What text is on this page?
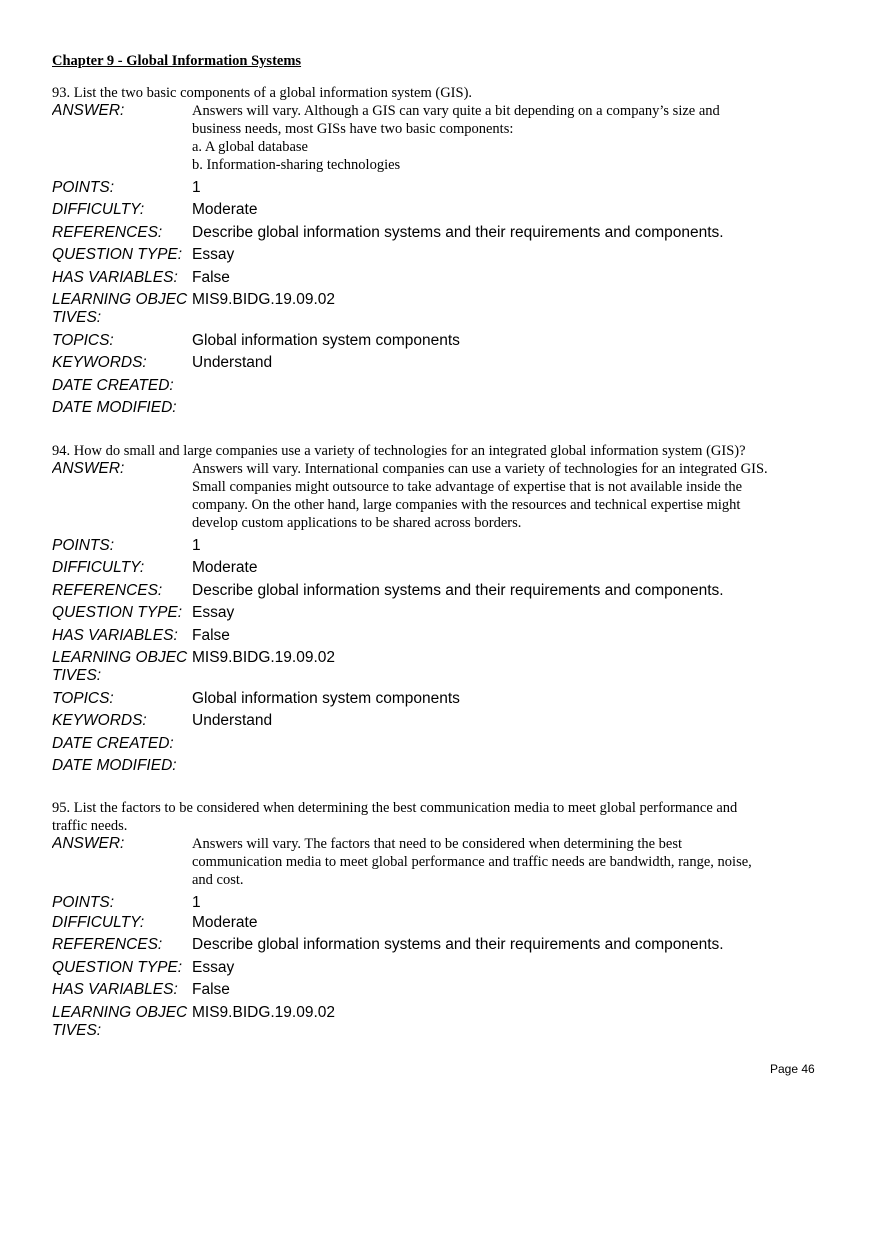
Chapter 9 - Global Information Systems

93. List the two basic components of a global information system (GIS).

ANSWER:	Answers will vary. Although a GIS can vary quite a bit depending on a company’s size and
business needs, most GISs have two basic components:
a. A global database
b. Information-sharing technologies
POINTS:	1
DIFFICULTY:	Moderate
REFERENCES:	Describe global information systems and their requirements and components.
QUESTION TYPE: Essay
HAS VARIABLES: False
LEARNING OBJEC
TIVES:
MIS9.BIDG.19.09.02
TOPICS:	Global information system components
KEYWORDS:	Understand
DATE CREATED:
DATE MODIFIED:

94. How do small and large companies use a variety of technologies for an integrated global information system (GIS)?

ANSWER:	Answers will vary. International companies can use a variety of technologies for an integrated GIS.
Small companies might outsource to take advantage of expertise that is not available inside the
company. On the other hand, large companies with the resources and technical expertise might
develop custom applications to be shared across borders.
POINTS:	1
DIFFICULTY:	Moderate
REFERENCES:	Describe global information systems and their requirements and components.
QUESTION TYPE: Essay
HAS VARIABLES: False
LEARNING OBJEC
TIVES:
MIS9.BIDG.19.09.02
TOPICS:	Global information system components
KEYWORDS:	Understand
DATE CREATED:
DATE MODIFIED:

95. List the factors to be considered when determining the best communication media to meet global performance and
traffic needs.

ANSWER:	Answers will vary. The factors that need to be considered when determining the best
communication media to meet global performance and traffic needs are bandwidth, range, noise,
and cost.
POINTS:	1
DIFFICULTY:	Moderate
REFERENCES:	Describe global information systems and their requirements and components.
QUESTION TYPE: Essay
HAS VARIABLES: False
LEARNING OBJEC
TIVES:
MIS9.BIDG.19.09.02
Page 46
